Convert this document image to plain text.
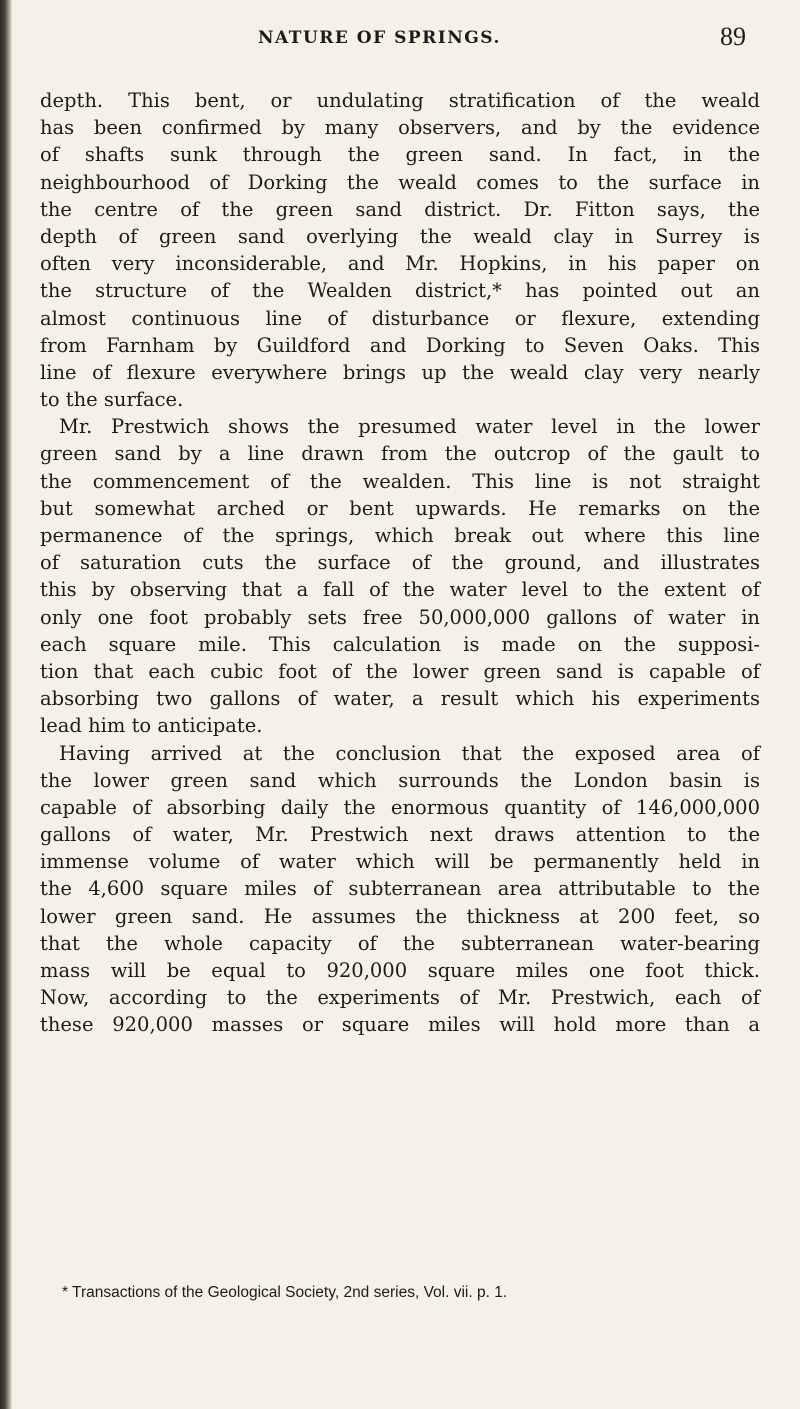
NATURE OF SPRINGS.	89
depth. This bent, or undulating stratification of the weald
has been confirmed by many observers, and by the evidence
of shafts sunk through the green sand. In fact, in the
neighbourhood of Dorking the weald comes to the surface in
the centre of the green sand district. Dr. Fitton says, the
depth of green sand overlying the weald clay in Surrey is
often very inconsiderable, and Mr. Hopkins, in his paper on
the structure of the Wealden district,* has pointed out an
almost continuous line of disturbance or flexure, extending
from Farnham by Guildford and Dorking to Seven Oaks. This
line of flexure everywhere brings up the weald clay very nearly
to the surface.
Mr. Prestwich shows the presumed water level in the lower
green sand by a line drawn from the outcrop of the gault to
the commencement of the wealden. This line is not straight
but somewhat arched or bent upwards. He remarks on the
permanence of the springs, which break out where this line
of saturation cuts the surface of the ground, and illustrates
this by observing that a fall of the water level to the extent of
only one foot probably sets free 50,000,000 gallons of water in
each square mile. This calculation is made on the supposi-
tion that each cubic foot of the lower green sand is capable of
absorbing two gallons of water, a result which his experiments
lead him to anticipate.
Having arrived at the conclusion that the exposed area of
the lower green sand which surrounds the London basin is
capable of absorbing daily the enormous quantity of 146,000,000
gallons of water, Mr. Prestwich next draws attention to the
immense volume of water which will be permanently held in
the 4,600 square miles of subterranean area attributable to the
lower green sand. He assumes the thickness at 200 feet, so
that the whole capacity of the subterranean water-bearing
mass will be equal to 920,000 square miles one foot thick.
Now, according to the experiments of Mr. Prestwich, each of
these 920,000 masses or square miles will hold more than a
* Transactions of the Geological Society, 2nd series, Vol. vii. p. 1.
